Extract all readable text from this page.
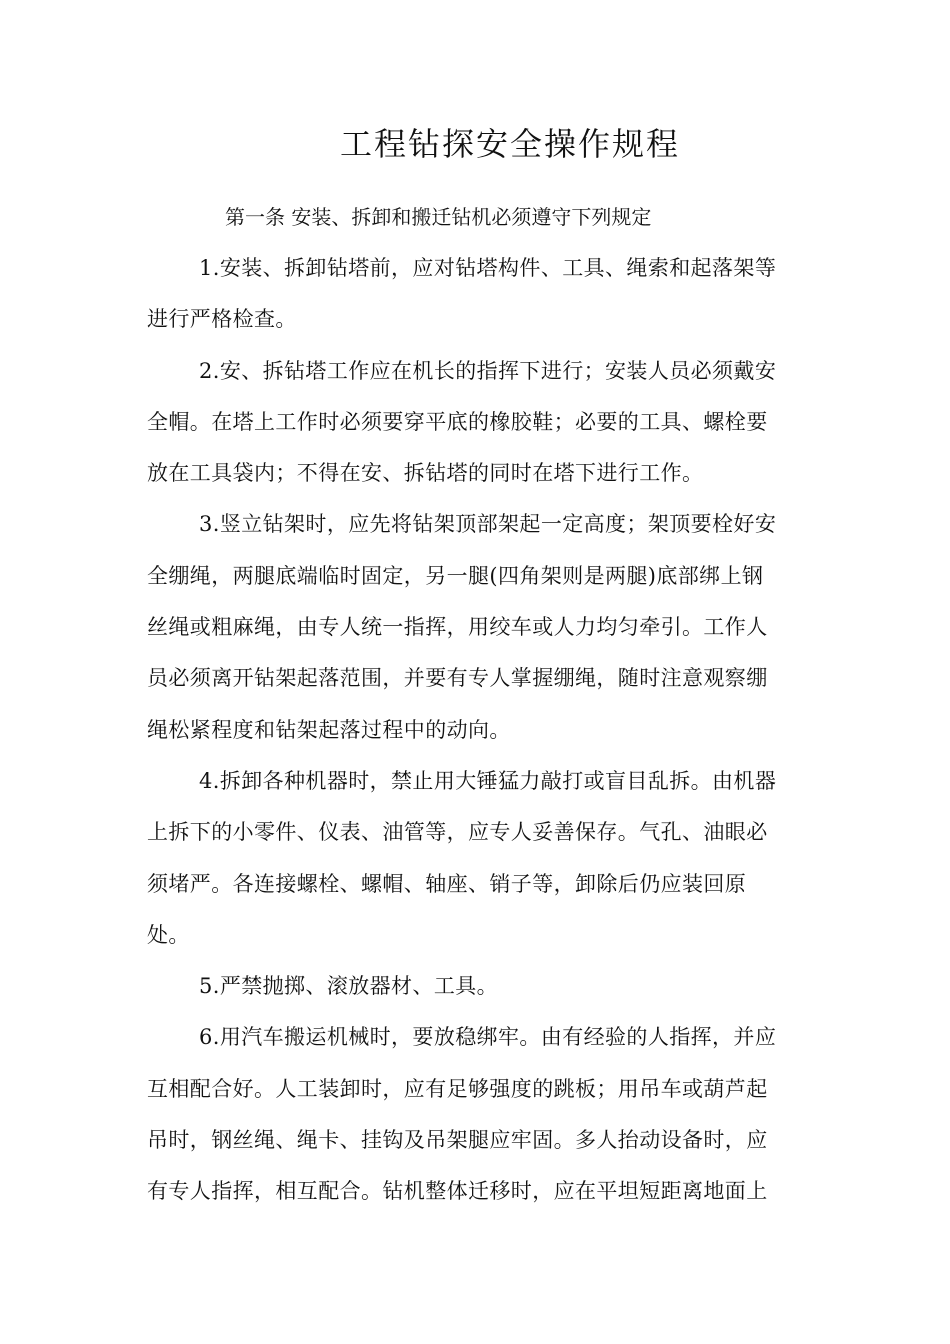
工程钻探安全操作规程

第一条 安装、拆卸和搬迁钻机必须遵守下列规定

1.安装、拆卸钻塔前，应对钻塔构件、工具、绳索和起落架等
进行严格检查。

2.安、拆钻塔工作应在机长的指挥下进行；安装人员必须戴安
全帽。在塔上工作时必须要穿平底的橡胶鞋；必要的工具、螺栓要
放在工具袋内；不得在安、拆钻塔的同时在塔下进行工作。

3.竖立钻架时，应先将钻架顶部架起一定高度；架顶要栓好安
全绷绳，两腿底端临时固定，另一腿(四角架则是两腿)底部绑上钢
丝绳或粗麻绳，由专人统一指挥，用绞车或人力均匀牵引。工作人
员必须离开钻架起落范围，并要有专人掌握绷绳，随时注意观察绷
绳松紧程度和钻架起落过程中的动向。

4.拆卸各种机器时，禁止用大锤猛力敲打或盲目乱拆。由机器
上拆下的小零件、仪表、油管等，应专人妥善保存。气孔、油眼必
须堵严。各连接螺栓、螺帽、轴座、销子等，卸除后仍应装回原
处。

5.严禁抛掷、滚放器材、工具。

6.用汽车搬运机械时，要放稳绑牢。由有经验的人指挥，并应
互相配合好。人工装卸时，应有足够强度的跳板；用吊车或葫芦起
吊时，钢丝绳、绳卡、挂钩及吊架腿应牢固。多人抬动设备时，应
有专人指挥，相互配合。钻机整体迁移时，应在平坦短距离地面上
